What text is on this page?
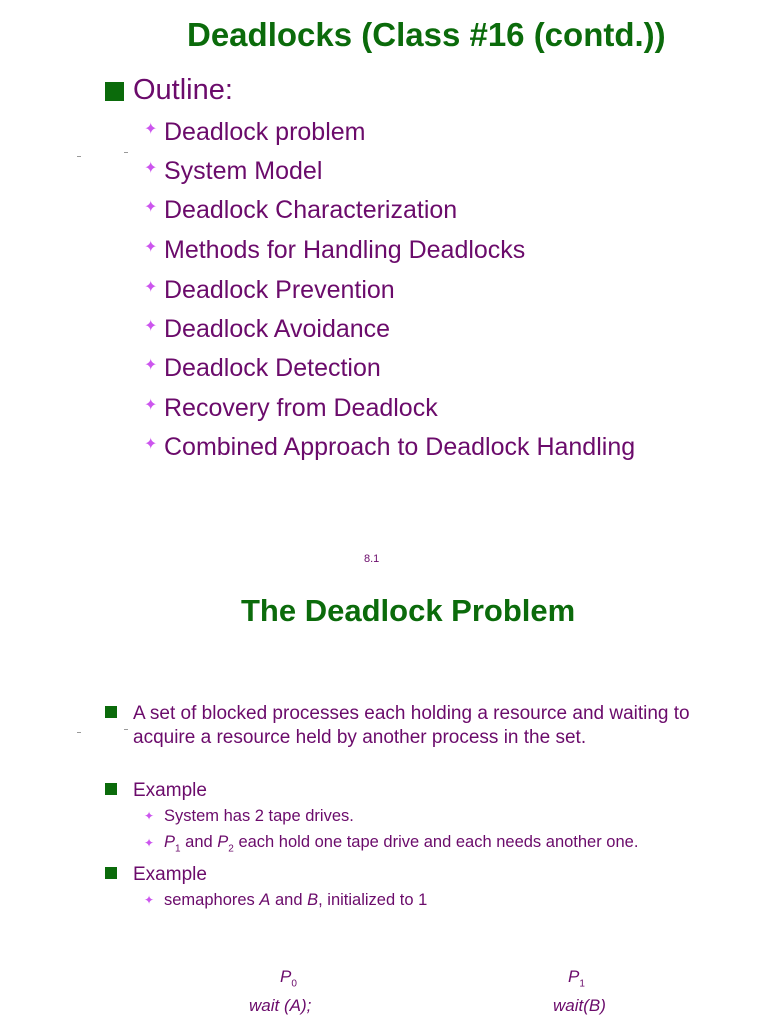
Deadlocks (Class #16 (contd.))
Outline:
✦ Deadlock problem
✦ System Model
✦ Deadlock Characterization
✦ Methods for Handling Deadlocks
✦ Deadlock Prevention
✦ Deadlock Avoidance
✦ Deadlock Detection
✦ Recovery from Deadlock
✦ Combined Approach to Deadlock Handling
8.1
The Deadlock Problem
A set of blocked processes each holding a resource and waiting to acquire a resource held by another process in the set.
Example
✦ System has 2 tape drives.
✦ $P_1$ and $P_2$ each hold one tape drive and each needs another one.
Example
✦ semaphores A and B, initialized to 1
$P_0$	$P_1$
wait (A);	wait(B)
